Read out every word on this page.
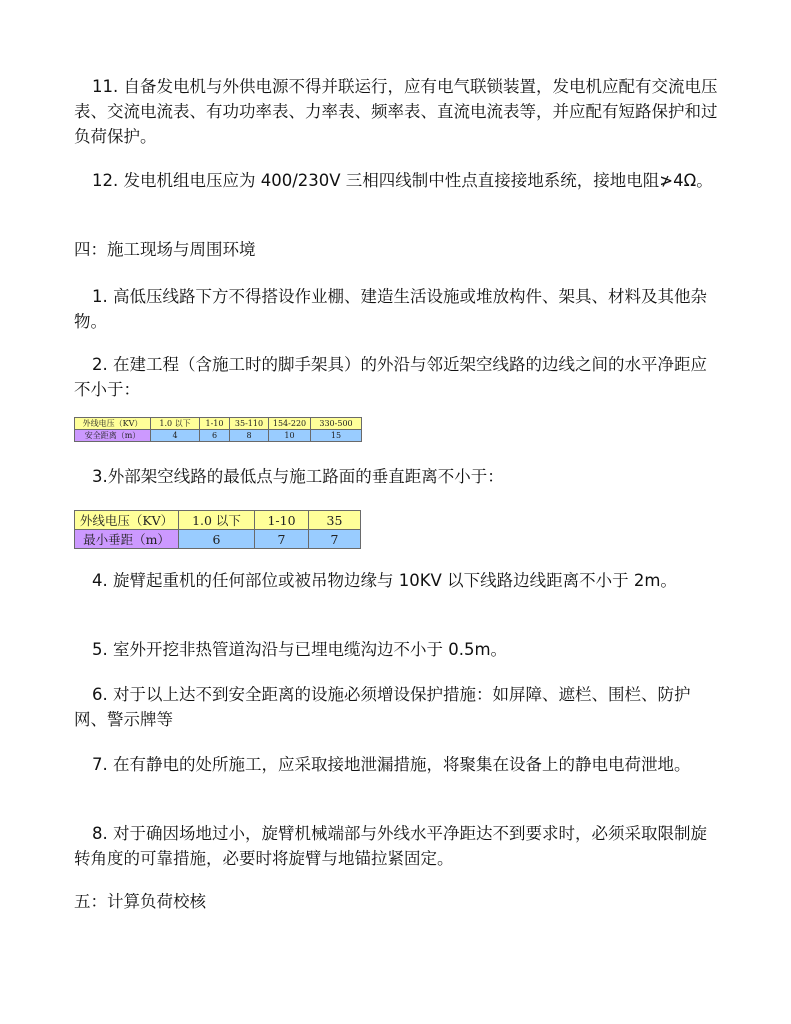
11. 自备发电机与外供电源不得并联运行，应有电气联锁装置，发电机应配有交流电压表、交流电流表、有功功率表、力率表、频率表、直流电流表等，并应配有短路保护和过负荷保护。

12. 发电机组电压应为 400/230V 三相四线制中性点直接接地系统，接地电阻≯4Ω。

四：施工现场与周围环境

1. 高低压线路下方不得搭设作业棚、建造生活设施或堆放构件、架具、材料及其他杂物。

2. 在建工程（含施工时的脚手架具）的外沿与邻近架空线路的边线之间的水平净距应不小于：

外线电压（KV）	1.0 以下	1-10	35-110	154-220	330-500
安全距离（m）	4	6	8	10	15

3.外部架空线路的最低点与施工路面的垂直距离不小于：

外线电压（KV）	1.0 以下	1-10	35
最小垂距（m）	6	7	7

4. 旋臂起重机的任何部位或被吊物边缘与 10KV 以下线路边线距离不小于 2m。

5. 室外开挖非热管道沟沿与已埋电缆沟边不小于 0.5m。

6. 对于以上达不到安全距离的设施必须增设保护措施：如屏障、遮栏、围栏、防护网、警示牌等

7. 在有静电的处所施工，应采取接地泄漏措施，将聚集在设备上的静电电荷泄地。

8. 对于确因场地过小，旋臂机械端部与外线水平净距达不到要求时，必须采取限制旋转角度的可靠措施，必要时将旋臂与地锚拉紧固定。

五：计算负荷校核
